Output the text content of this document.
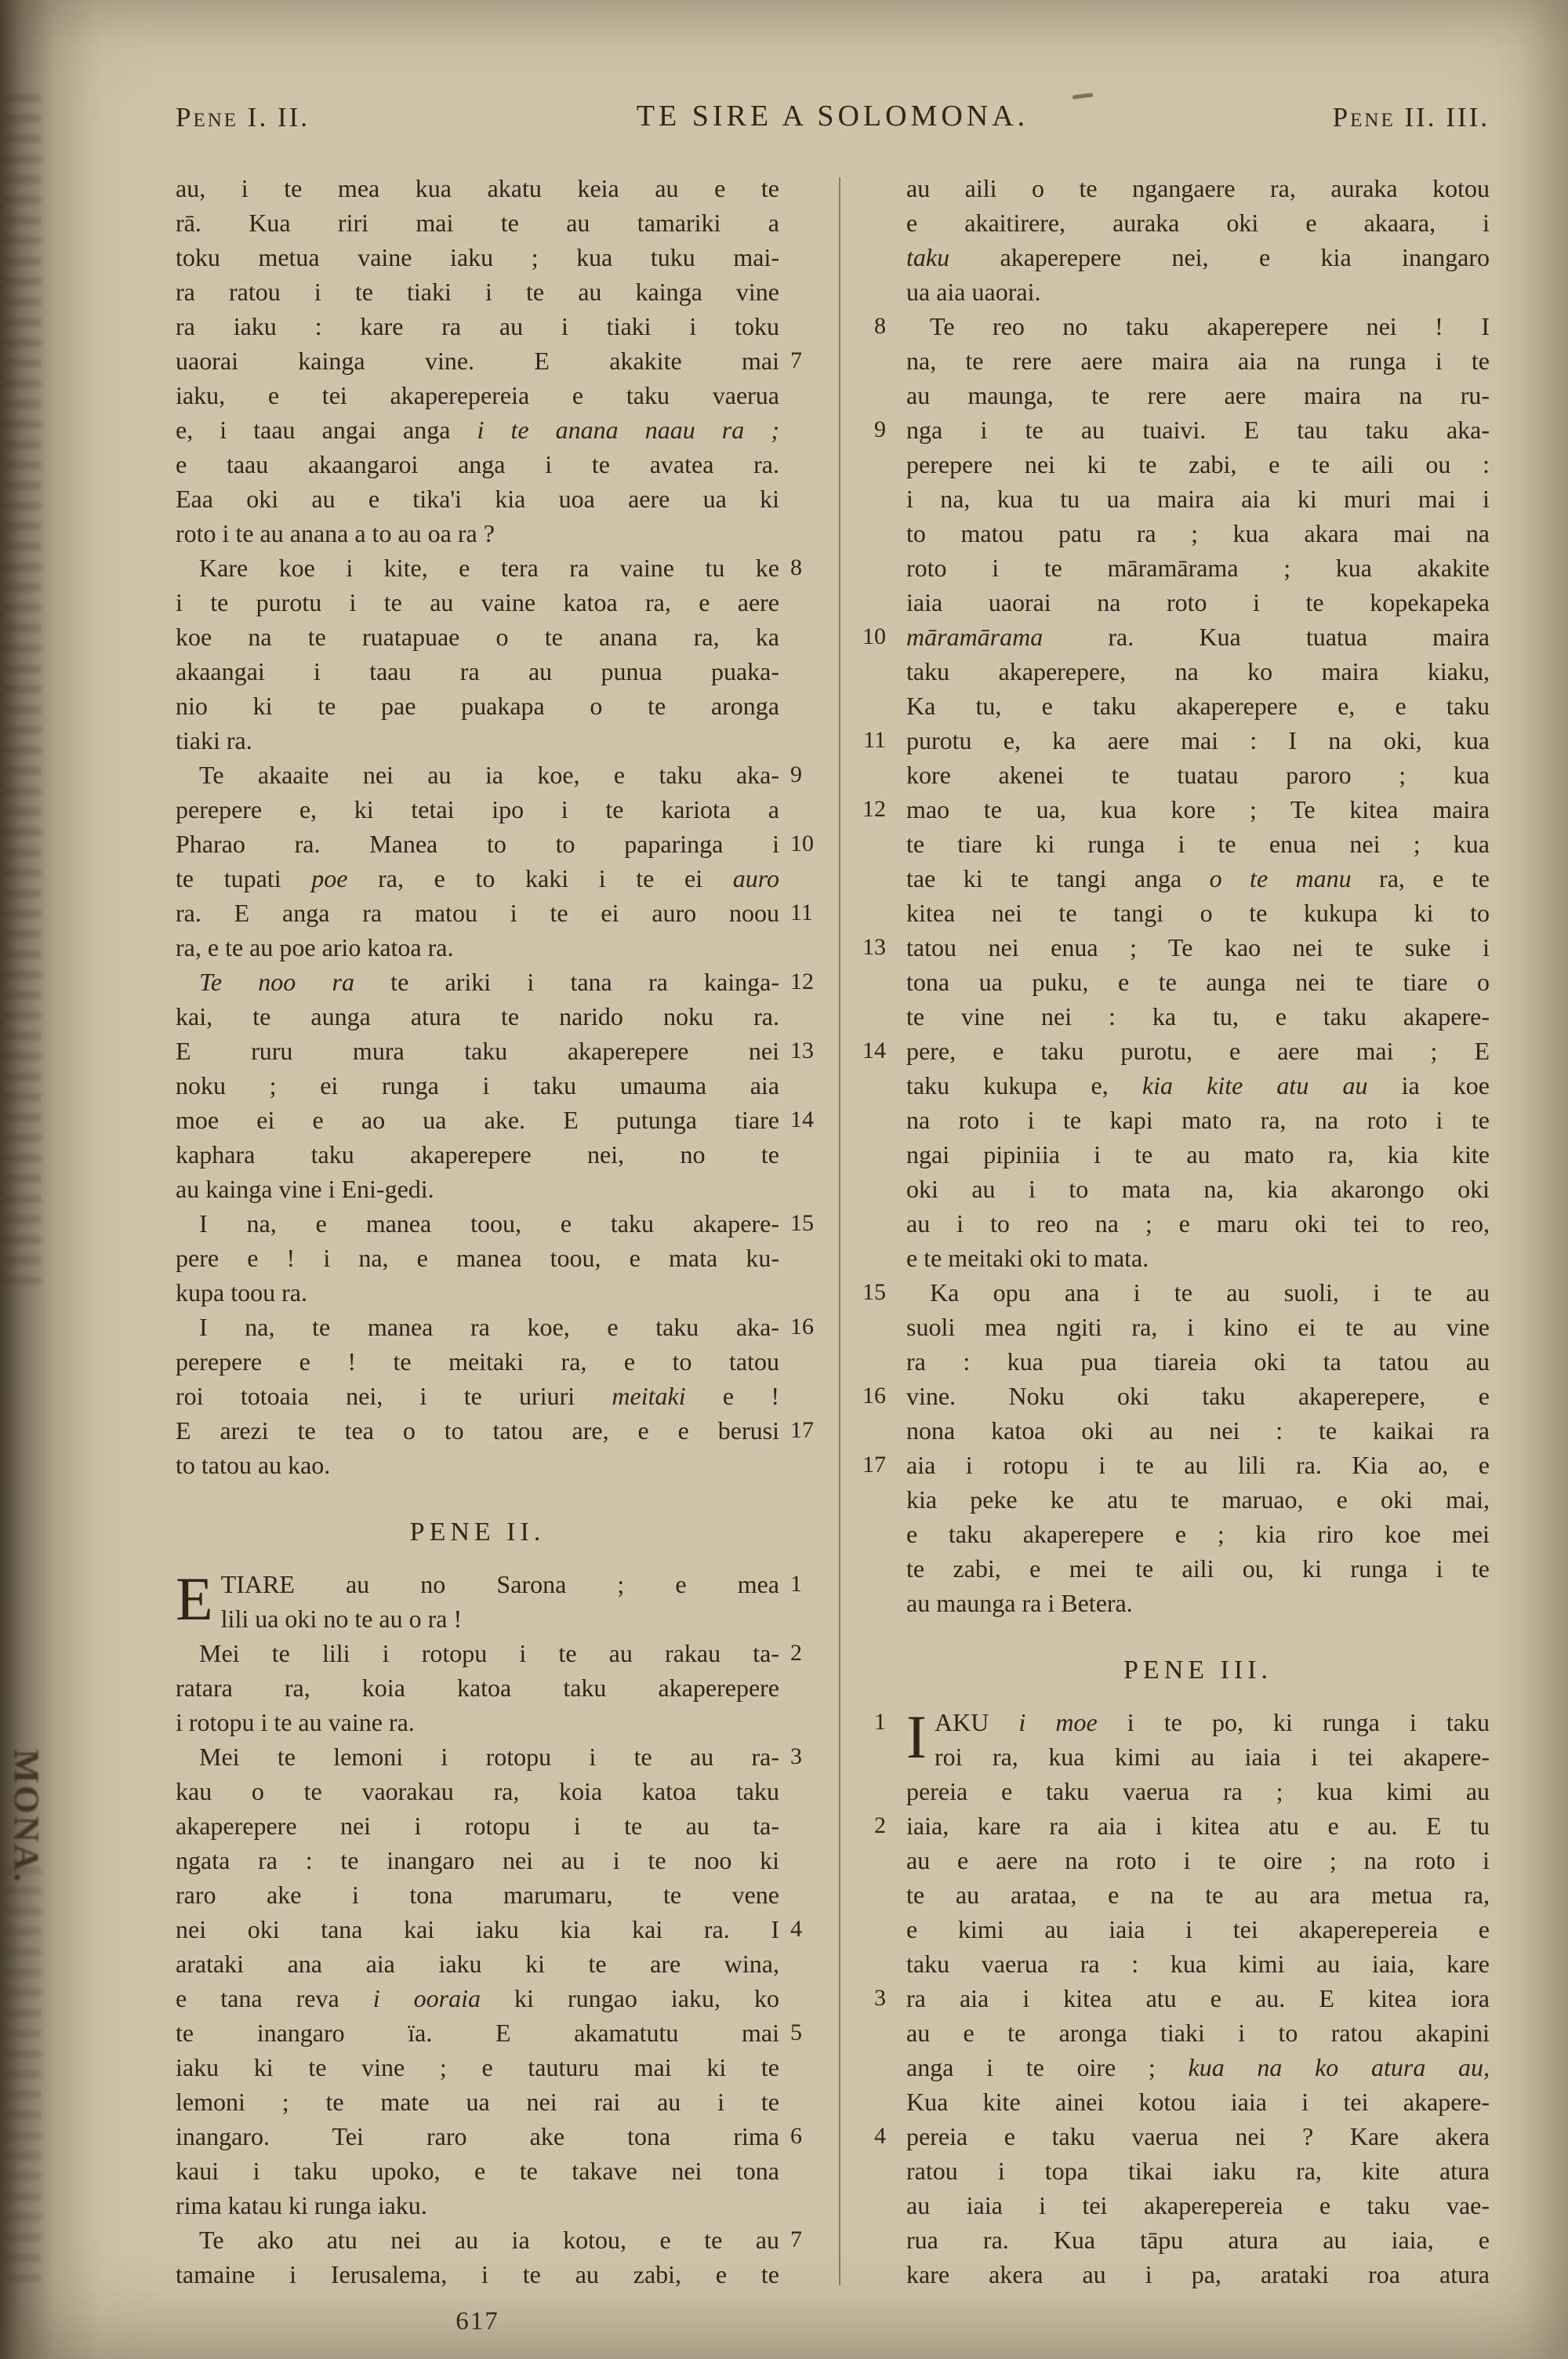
MONA.
Pene I. II.	TE SIRE A SOLOMONA.	Pene II. III.
au, i te mea kua akatu keia au e te
rā. Kua riri mai te au tamariki a
toku metua vaine iaku ; kua tuku mai-
ra ratou i te tiaki i te au kainga vine
ra iaku : kare ra au i tiaki i toku
uaorai kainga vine. E akakite mai 7
iaku, e tei akaperepereia e taku vaerua
e, i taau angai anga i te anana naau ra ;
e taau akaangaroi anga i te avatea ra.
Eaa oki au e tika'i kia uoa aere ua ki
roto i te au anana a to au oa ra ?
Kare koe i kite, e tera ra vaine tu ke 8
i te purotu i te au vaine katoa ra, e aere
koe na te ruatapuae o te anana ra, ka
akaangai i taau ra au punua puaka-
nio ki te pae puakapa o te aronga
tiaki ra.
Te akaaite nei au ia koe, e taku aka- 9
perepere e, ki tetai ipo i te kariota a
Pharao ra. Manea to to paparinga i 10
te tupati poe ra, e to kaki i te ei auro
ra. E anga ra matou i te ei auro noou 11
ra, e te au poe ario katoa ra.
Te noo ra te ariki i tana ra kainga- 12
kai, te aunga atura te narido noku ra.
E ruru mura taku akaperepere nei 13
noku ; ei runga i taku umauma aia
moe ei e ao ua ake. E putunga tiare 14
kaphara taku akaperepere nei, no te
au kainga vine i Eni-gedi.
I na, e manea toou, e taku akapere- 15
pere e ! i na, e manea toou, e mata ku-
kupa toou ra.
I na, te manea ra koe, e taku aka- 16
perepere e ! te meitaki ra, e to tatou
roi totoaia nei, i te uriuri meitaki e !
E arezi te tea o to tatou are, e e berusi 17
to tatou au kao.
PENE II.
ETIARE au no Sarona ; e mea 1
lili ua oki no te au o ra !
Mei te lili i rotopu i te au rakau ta- 2
ratara ra, koia katoa taku akaperepere
i rotopu i te au vaine ra.
Mei te lemoni i rotopu i te au ra- 3
kau o te vaorakau ra, koia katoa taku
akaperepere nei i rotopu i te au ta-
ngata ra : te inangaro nei au i te noo ki
raro ake i tona marumaru, te vene
nei oki tana kai iaku kia kai ra. I 4
arataki ana aia iaku ki te are wina,
e tana reva i ooraia ki rungao iaku, ko
te inangaro ïa. E akamatutu mai 5
iaku ki te vine ; e tauturu mai ki te
lemoni ; te mate ua nei rai au i te
inangaro. Tei raro ake tona rima 6
kaui i taku upoko, e te takave nei tona
rima katau ki runga iaku.
Te ako atu nei au ia kotou, e te au 7
tamaine i Ierusalema, i te au zabi, e te
au aili o te ngangaere ra, auraka kotou
e akaitirere, auraka oki e akaara, i
taku akaperepere nei, e kia inangaro
ua aia uaorai.
Te reo no taku akaperepere nei ! I
8
na, te rere aere maira aia na runga i te
au maunga, te rere aere maira na ru-
nga i te au tuaivi. E tau taku aka-
9
perepere nei ki te zabi, e te aili ou :
i na, kua tu ua maira aia ki muri mai i
to matou patu ra ; kua akara mai na
roto i te māramārama ; kua akakite
iaia uaorai na roto i te kopekapeka
māramārama ra. Kua tuatua maira
10
taku akaperepere, na ko maira kiaku,
Ka tu, e taku akaperepere e, e taku
purotu e, ka aere mai : I na oki, kua
11
kore akenei te tuatau paroro ; kua
mao te ua, kua kore ; Te kitea maira
12
te tiare ki runga i te enua nei ; kua
tae ki te tangi anga o te manu ra, e te
kitea nei te tangi o te kukupa ki to
tatou nei enua ; Te kao nei te suke i
13
tona ua puku, e te aunga nei te tiare o
te vine nei : ka tu, e taku akapere-
pere, e taku purotu, e aere mai ; E
14
taku kukupa e, kia kite atu au ia koe
na roto i te kapi mato ra, na roto i te
ngai pipiniia i te au mato ra, kia kite
oki au i to mata na, kia akarongo oki
au i to reo na ; e maru oki tei to reo,
e te meitaki oki to mata.
Ka opu ana i te au suoli, i te au
15
suoli mea ngiti ra, i kino ei te au vine
ra : kua pua tiareia oki ta tatou au
vine. Noku oki taku akaperepere, e
16
nona katoa oki au nei : te kaikai ra
aia i rotopu i te au lili ra. Kia ao, e
17
kia peke ke atu te maruao, e oki mai,
e taku akaperepere e ; kia riro koe mei
te zabi, e mei te aili ou, ki runga i te
au maunga ra i Betera.
PENE III.
IAKU i moe i te po, ki runga i taku
1
roi ra, kua kimi au iaia i tei akapere-
pereia e taku vaerua ra ; kua kimi au
iaia, kare ra aia i kitea atu e au. E tu
2
au e aere na roto i te oire ; na roto i
te au arataa, e na te au ara metua ra,
e kimi au iaia i tei akaperepereia e
taku vaerua ra : kua kimi au iaia, kare
ra aia i kitea atu e au. E kitea iora
3
au e te aronga tiaki i to ratou akapini
anga i te oire ; kua na ko atura au,
Kua kite ainei kotou iaia i tei akapere-
pereia e taku vaerua nei ? Kare akera
4
ratou i topa tikai iaku ra, kite atura
au iaia i tei akaperepereia e taku vae-
rua ra. Kua tāpu atura au iaia, e
kare akera au i pa, arataki roa atura
617
